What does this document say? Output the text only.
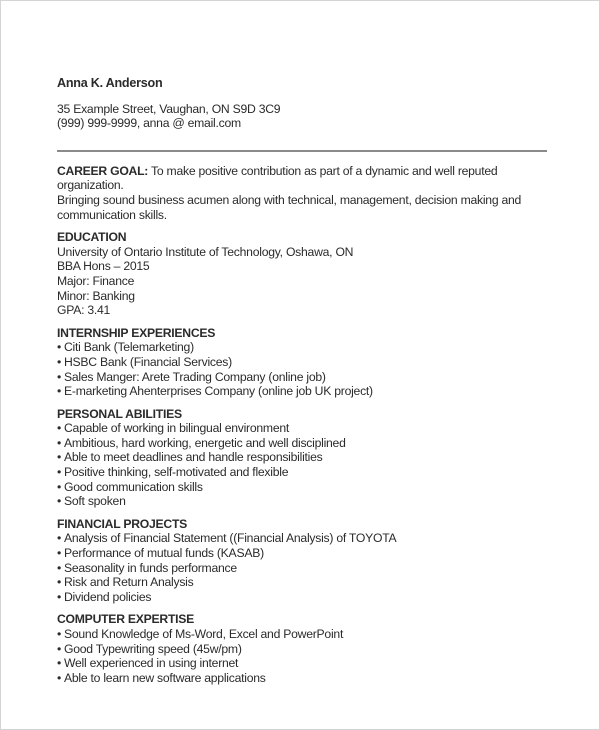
Anna K. Anderson

35 Example Street, Vaughan, ON S9D 3C9

(999) 999-9999, anna @ email.com

CAREER GOAL: To make positive contribution as part of a dynamic and well reputed organization.

Bringing sound business acumen along with technical, management, decision making and

communication skills.

EDUCATION

University of Ontario Institute of Technology, Oshawa, ON

BBA Hons – 2015

Major: Finance

Minor: Banking

GPA: 3.41

INTERNSHIP EXPERIENCES

• Citi Bank (Telemarketing)
• HSBC Bank (Financial Services)
• Sales Manger: Arete Trading Company (online job)
• E-marketing Ahenterprises Company (online job UK project)

PERSONAL ABILITIES

• Capable of working in bilingual environment
• Ambitious, hard working, energetic and well disciplined
• Able to meet deadlines and handle responsibilities
• Positive thinking, self-motivated and flexible
• Good communication skills
• Soft spoken

FINANCIAL PROJECTS

• Analysis of Financial Statement ((Financial Analysis) of TOYOTA
• Performance of mutual funds (KASAB)
• Seasonality in funds performance
• Risk and Return Analysis
• Dividend policies

COMPUTER EXPERTISE

• Sound Knowledge of Ms-Word, Excel and PowerPoint
• Good Typewriting speed (45w/pm)
• Well experienced in using internet
• Able to learn new software applications
